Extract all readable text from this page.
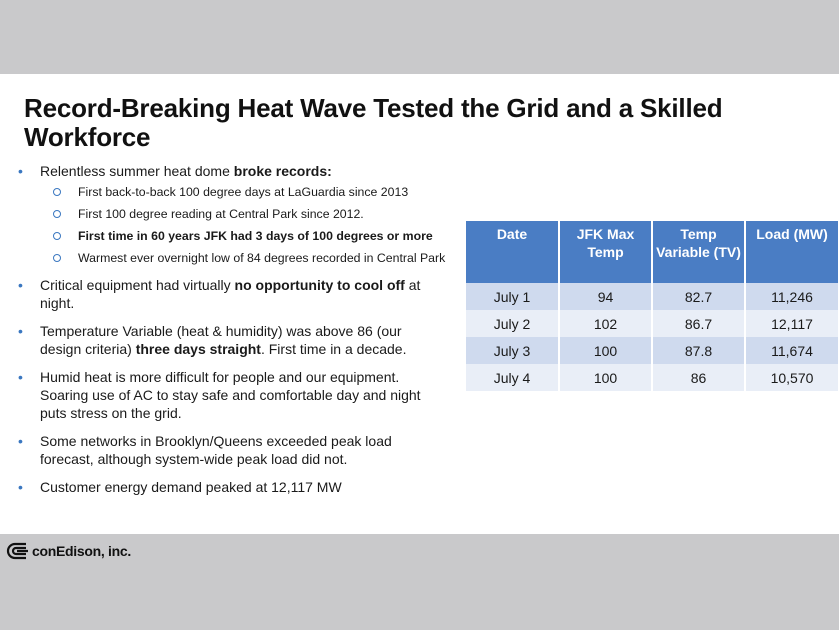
Record-Breaking Heat Wave Tested the Grid and a Skilled Workforce
• Relentless summer heat dome broke records:
First back-to-back 100 degree days at LaGuardia since 2013
First 100 degree reading at Central Park since 2012.
First time in 60 years JFK had 3 days of 100 degrees or more
Warmest ever overnight low of 84 degrees recorded in Central Park
• Critical equipment had virtually no opportunity to cool off at night.
• Temperature Variable (heat & humidity) was above 86 (our design criteria) three days straight. First time in a decade.
• Humid heat is more difficult for people and our equipment. Soaring use of AC to stay safe and comfortable day and night puts stress on the grid.
• Some networks in Brooklyn/Queens exceeded peak load forecast, although system-wide peak load did not.
• Customer energy demand peaked at 12,117 MW
Date	JFK Max Temp	Temp Variable (TV)	Load (MW)
July 1	94	82.7	11,246
July 2	102	86.7	12,117
July 3	100	87.8	11,674
July 4	100	86	10,570
conEdison, inc.
